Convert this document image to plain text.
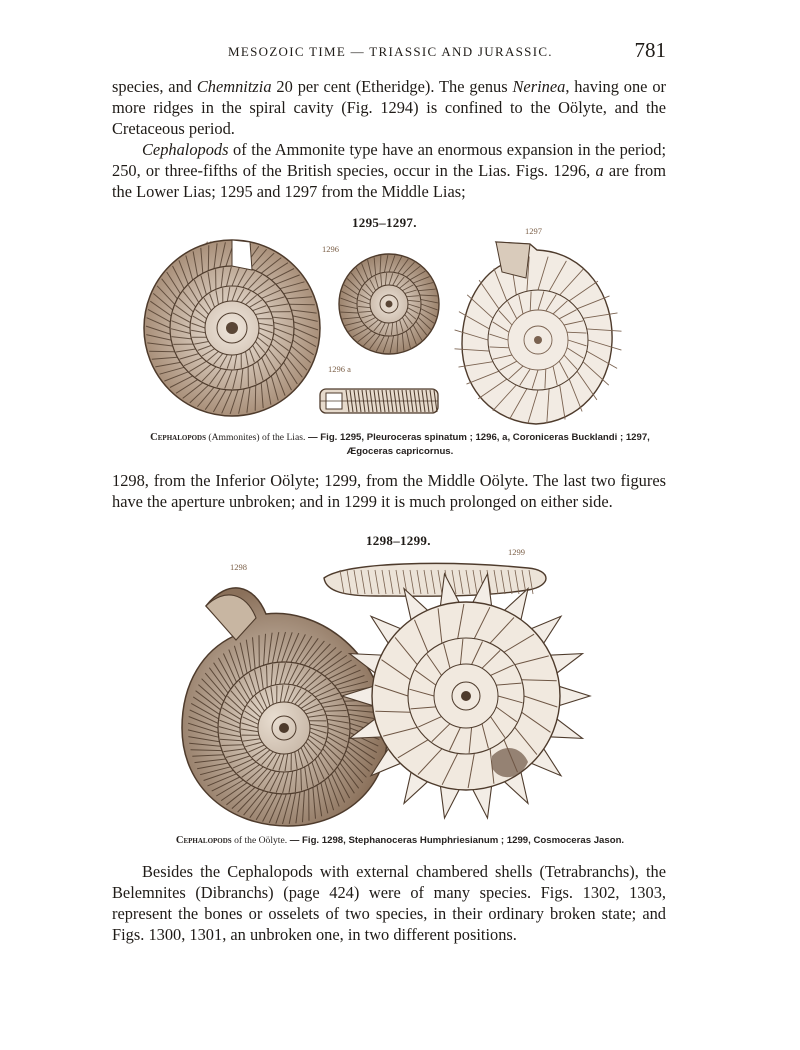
MESOZOIC TIME — TRIASSIC AND JURASSIC.	781

species, and Chemnitzia 20 per cent (Etheridge). The genus Nerinea, having one or more ridges in the spiral cavity (Fig. 1294) is confined to the Oölyte, and the Cretaceous period.

Cephalopods of the Ammonite type have an enormous expansion in the period; 250, or three-fifths of the British species, occur in the Lias. Figs. 1296, a are from the Lower Lias; 1295 and 1297 from the Middle Lias;

1295–1297.
1296
1296 a
1297
Cephalopods (Ammonites) of the Lias. — Fig. 1295, Pleuroceras spinatum ; 1296, a, Coroniceras Bucklandi ; 1297,
Ægoceras capricornus.

1298, from the Inferior Oölyte; 1299, from the Middle Oölyte. The last two figures have the aperture unbroken; and in 1299 it is much prolonged on either side.

1298–1299.
1298
1299
Cephalopods of the Oölyte. — Fig. 1298, Stephanoceras Humphriesianum ; 1299, Cosmoceras Jason.

Besides the Cephalopods with external chambered shells (Tetrabranchs), the Belemnites (Dibranchs) (page 424) were of many species. Figs. 1302, 1303, represent the bones or osselets of two species, in their ordinary broken state; and Figs. 1300, 1301, an unbroken one, in two different positions.
